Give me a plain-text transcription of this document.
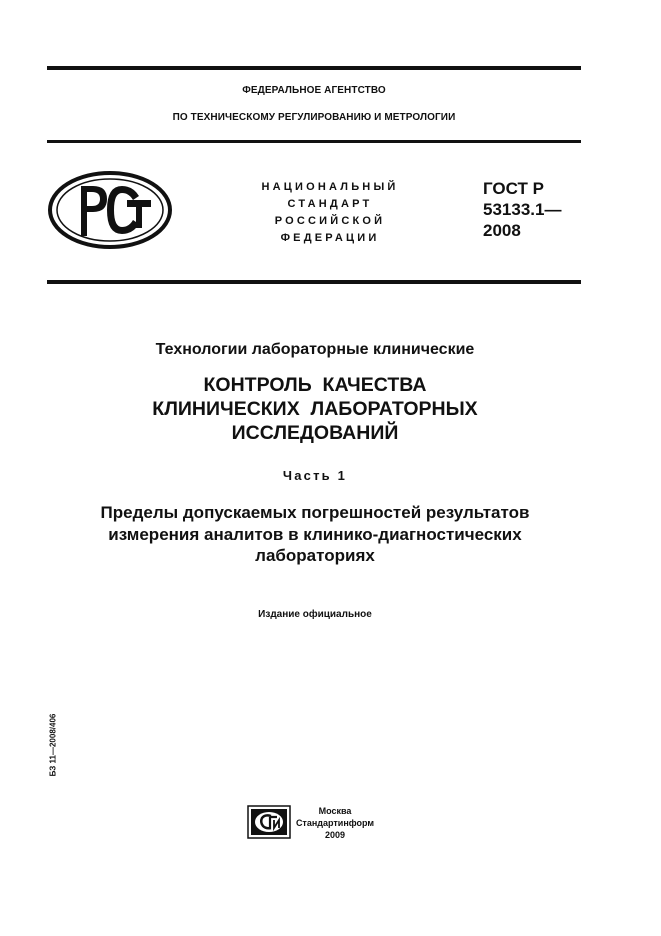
ФЕДЕРАЛЬНОЕ АГЕНТСТВО
ПО ТЕХНИЧЕСКОМУ РЕГУЛИРОВАНИЮ И МЕТРОЛОГИИ
НАЦИОНАЛЬНЫЙ
СТАНДАРТ
РОССИЙСКОЙ
ФЕДЕРАЦИИ
ГОСТ Р
53133.1—
2008
Технологии лабораторные клинические
КОНТРОЛЬ  КАЧЕСТВА
КЛИНИЧЕСКИХ  ЛАБОРАТОРНЫХ
ИССЛЕДОВАНИЙ
Часть 1
Пределы допускаемых погрешностей результатов
измерения аналитов в клинико-диагностических
лабораториях
Издание официальное
БЗ 11—2008/406
Москва
Стандартинформ
2009
